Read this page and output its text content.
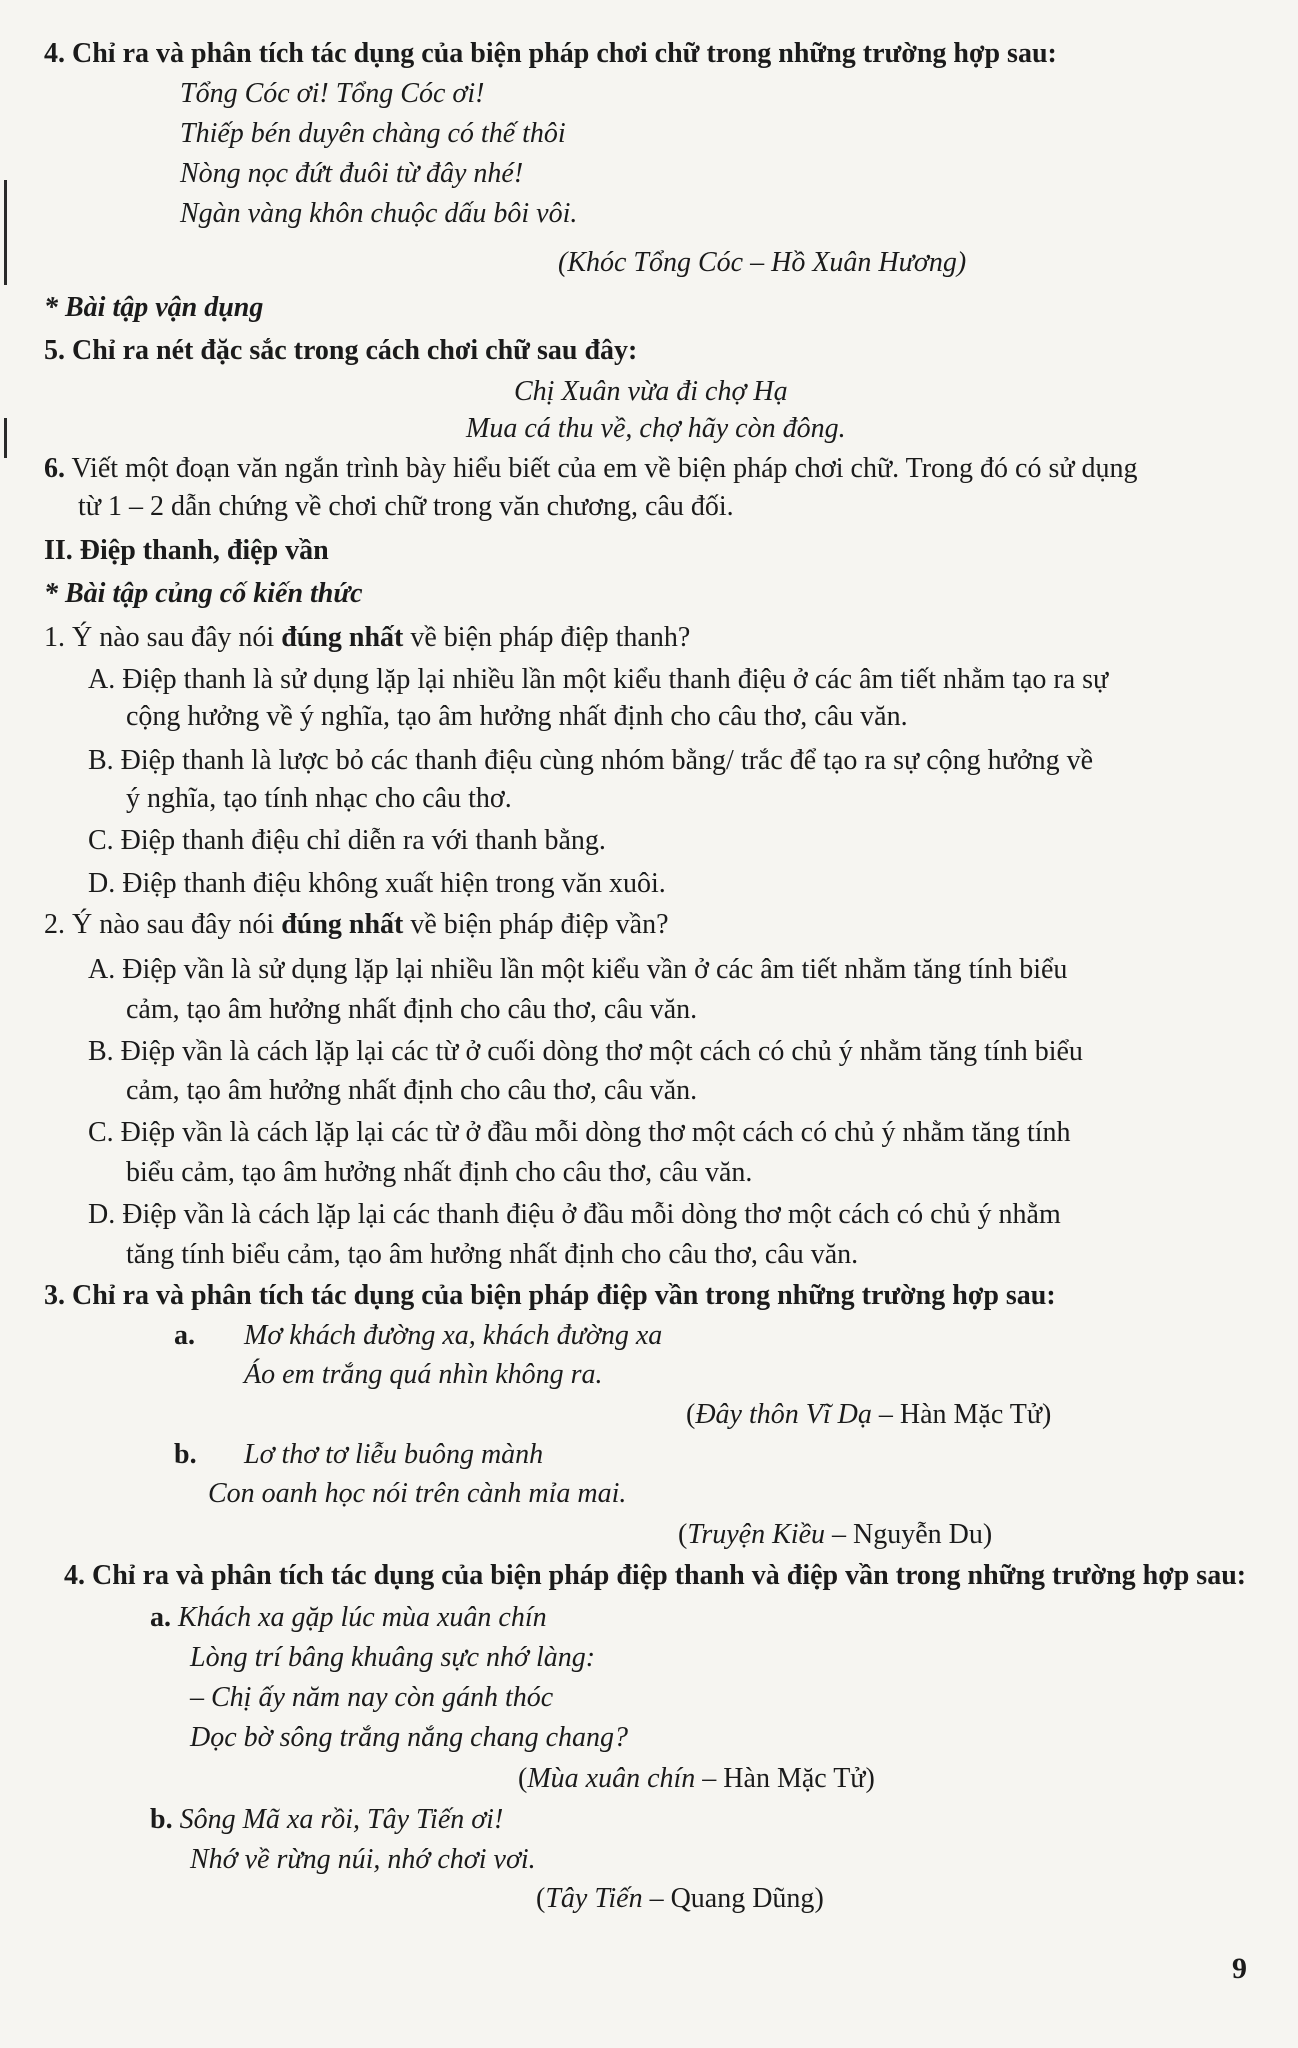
4. Chỉ ra và phân tích tác dụng của biện pháp chơi chữ trong những trường hợp sau:
Tổng Cóc ơi! Tổng Cóc ơi!
Thiếp bén duyên chàng có thế thôi
Nòng nọc đứt đuôi từ đây nhé!
Ngàn vàng khôn chuộc dấu bôi vôi.
(Khóc Tổng Cóc – Hồ Xuân Hương)
* Bài tập vận dụng
5. Chỉ ra nét đặc sắc trong cách chơi chữ sau đây:
Chị Xuân vừa đi chợ Hạ
Mua cá thu về, chợ hãy còn đông.
6. Viết một đoạn văn ngắn trình bày hiểu biết của em về biện pháp chơi chữ. Trong đó có sử dụng
từ 1 – 2 dẫn chứng về chơi chữ trong văn chương, câu đối.
II. Điệp thanh, điệp vần
* Bài tập củng cố kiến thức
1. Ý nào sau đây nói đúng nhất về biện pháp điệp thanh?
A. Điệp thanh là sử dụng lặp lại nhiều lần một kiểu thanh điệu ở các âm tiết nhằm tạo ra sự
cộng hưởng về ý nghĩa, tạo âm hưởng nhất định cho câu thơ, câu văn.
B. Điệp thanh là lược bỏ các thanh điệu cùng nhóm bằng/ trắc để tạo ra sự cộng hưởng về
ý nghĩa, tạo tính nhạc cho câu thơ.
C. Điệp thanh điệu chỉ diễn ra với thanh bằng.
D. Điệp thanh điệu không xuất hiện trong văn xuôi.
2. Ý nào sau đây nói đúng nhất về biện pháp điệp vần?
A. Điệp vần là sử dụng lặp lại nhiều lần một kiểu vần ở các âm tiết nhằm tăng tính biểu
cảm, tạo âm hưởng nhất định cho câu thơ, câu văn.
B. Điệp vần là cách lặp lại các từ ở cuối dòng thơ một cách có chủ ý nhằm tăng tính biểu
cảm, tạo âm hưởng nhất định cho câu thơ, câu văn.
C. Điệp vần là cách lặp lại các từ ở đầu mỗi dòng thơ một cách có chủ ý nhằm tăng tính
biểu cảm, tạo âm hưởng nhất định cho câu thơ, câu văn.
D. Điệp vần là cách lặp lại các thanh điệu ở đầu mỗi dòng thơ một cách có chủ ý nhằm
tăng tính biểu cảm, tạo âm hưởng nhất định cho câu thơ, câu văn.
3. Chỉ ra và phân tích tác dụng của biện pháp điệp vần trong những trường hợp sau:
a. Mơ khách đường xa, khách đường xa
Áo em trắng quá nhìn không ra.
(Đây thôn Vĩ Dạ – Hàn Mặc Tử)
b. Lơ thơ tơ liễu buông mành
Con oanh học nói trên cành mỉa mai.
(Truyện Kiều – Nguyễn Du)
4. Chỉ ra và phân tích tác dụng của biện pháp điệp thanh và điệp vần trong những trường hợp sau:
a. Khách xa gặp lúc mùa xuân chín
Lòng trí bâng khuâng sực nhớ làng:
– Chị ấy năm nay còn gánh thóc
Dọc bờ sông trắng nắng chang chang?
(Mùa xuân chín – Hàn Mặc Tử)
b. Sông Mã xa rồi, Tây Tiến ơi!
Nhớ về rừng núi, nhớ chơi vơi.
(Tây Tiến – Quang Dũng)
9
